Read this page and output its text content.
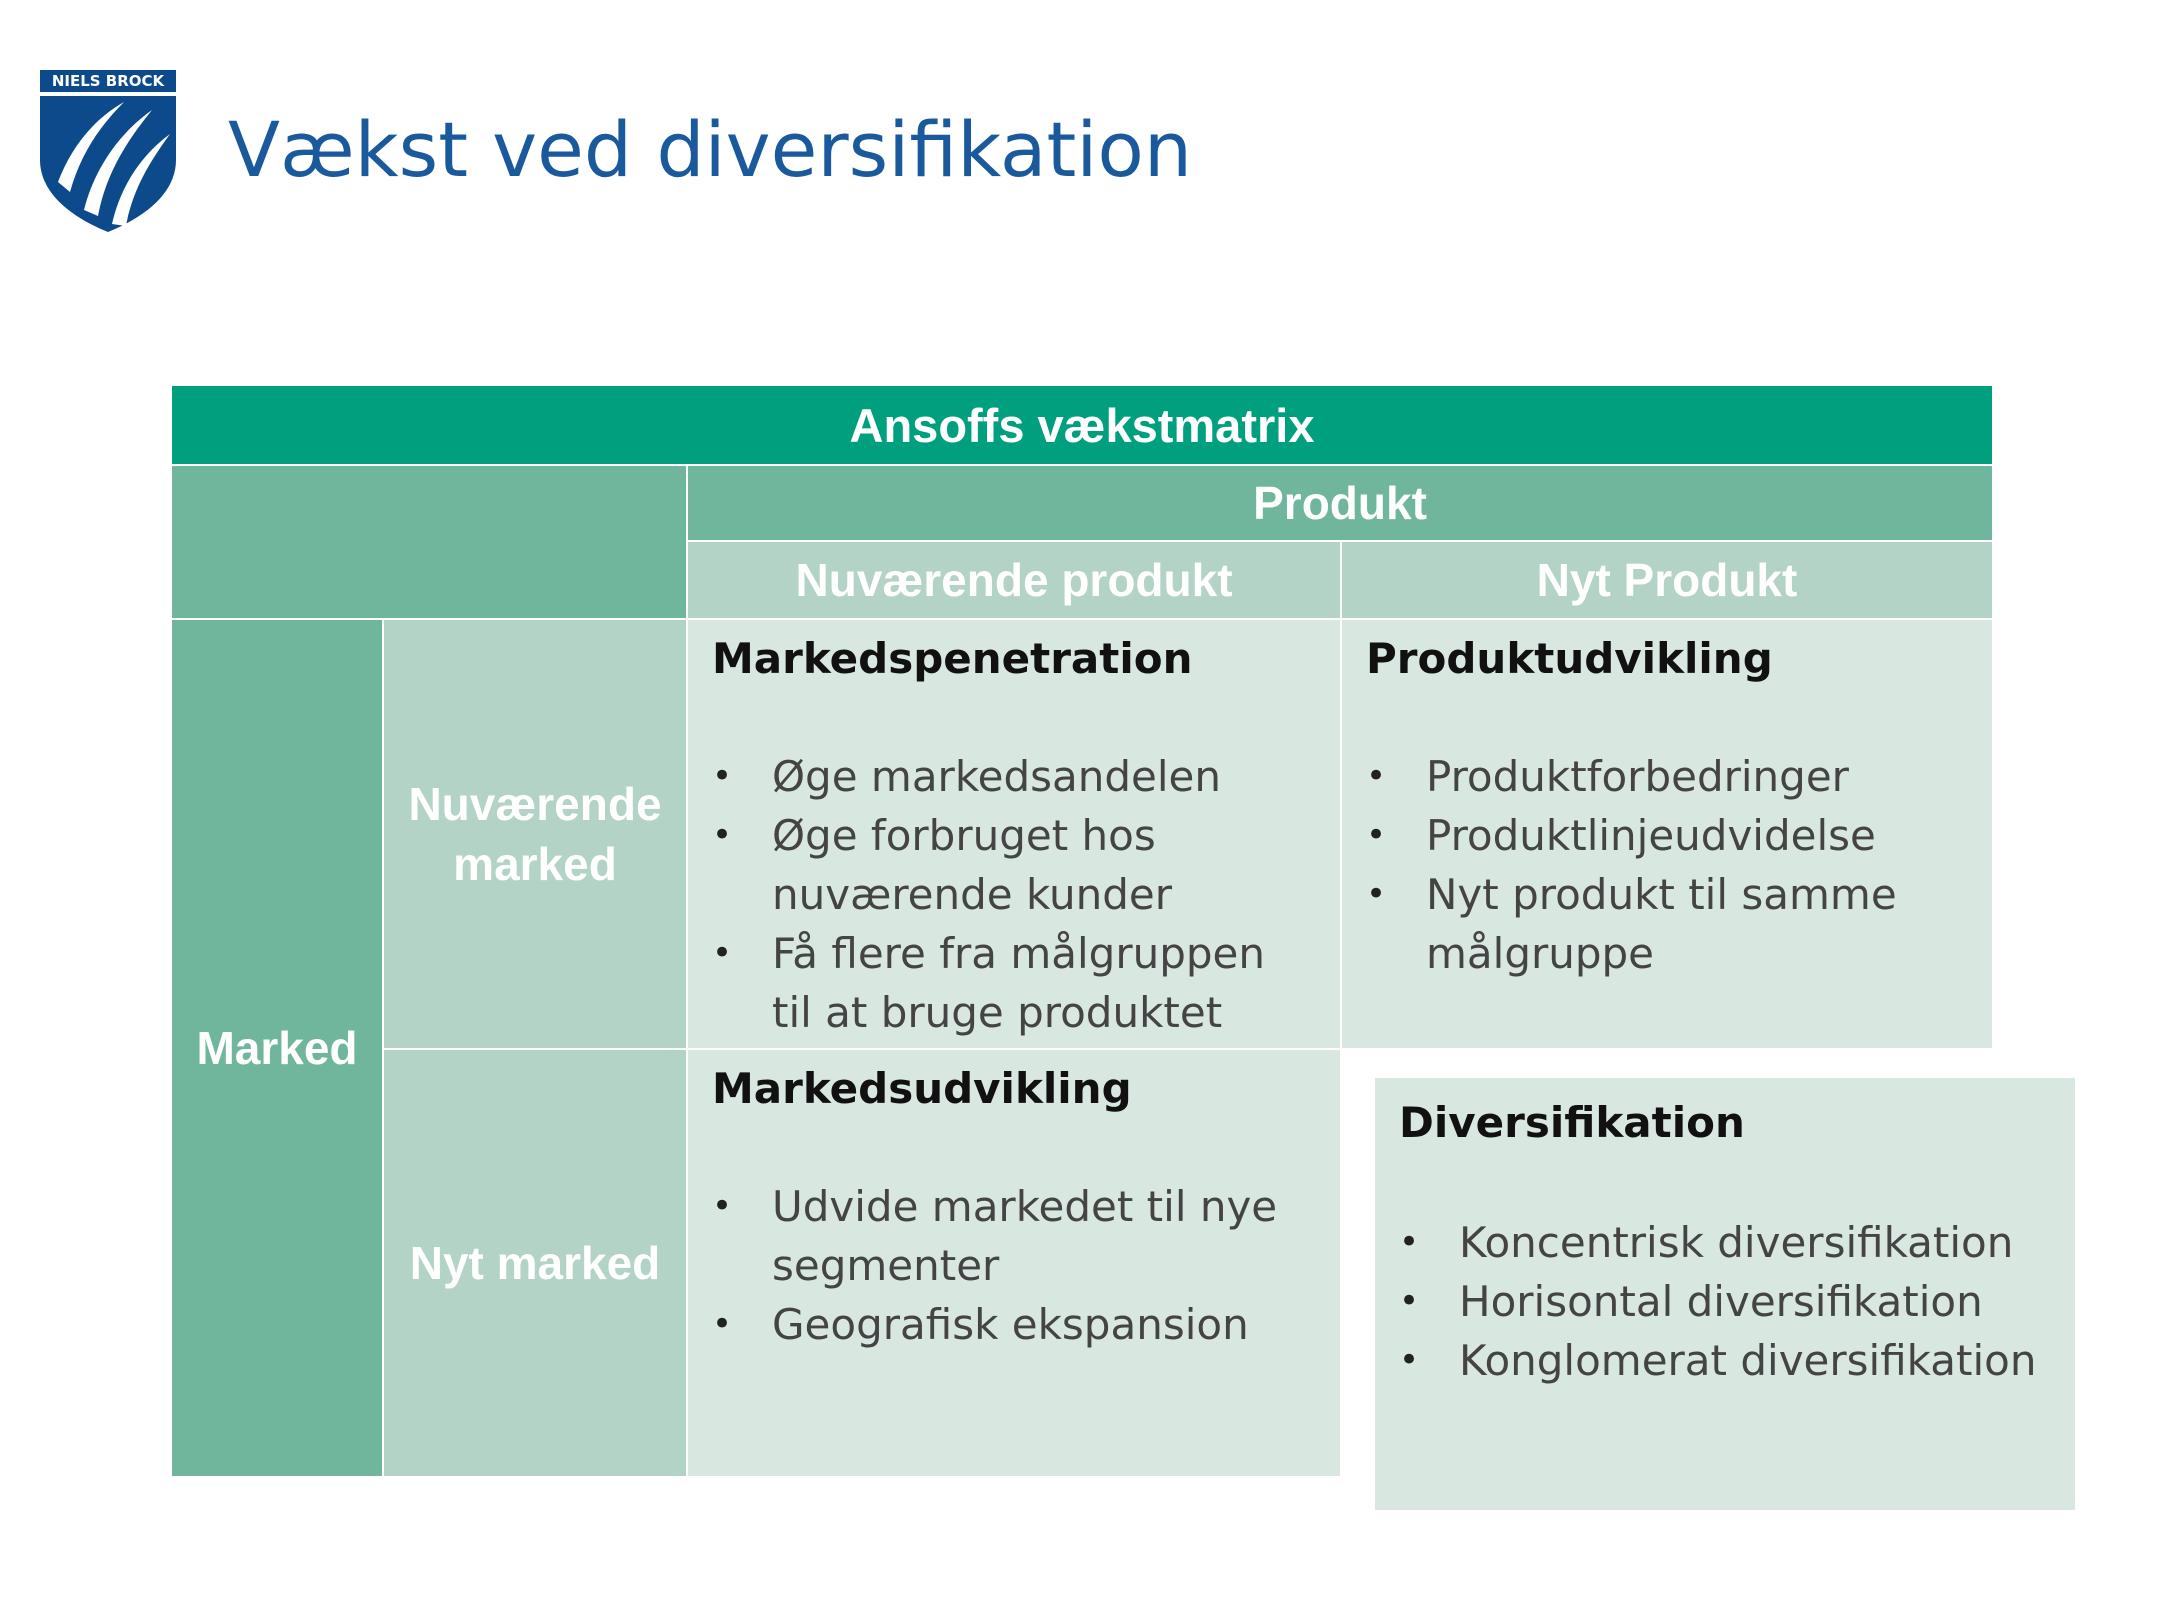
NIELS BROCK
Vækst ved diversifikation
Ansoffs vækstmatrix
Produkt
Nuværende produkt	Nyt Produkt
Marked
Nuværende marked
Nyt marked
Markedspenetration
• Øge markedsandelen
• Øge forbruget hos nuværende kunder
• Få flere fra målgruppen til at bruge produktet
Produktudvikling
• Produktforbedringer
• Produktlinjeudvidelse
• Nyt produkt til samme målgruppe
Markedsudvikling
• Udvide markedet til nye segmenter
• Geografisk ekspansion
Diversifikation
• Koncentrisk diversifikation
• Horisontal diversifikation
• Konglomerat diversifikation
